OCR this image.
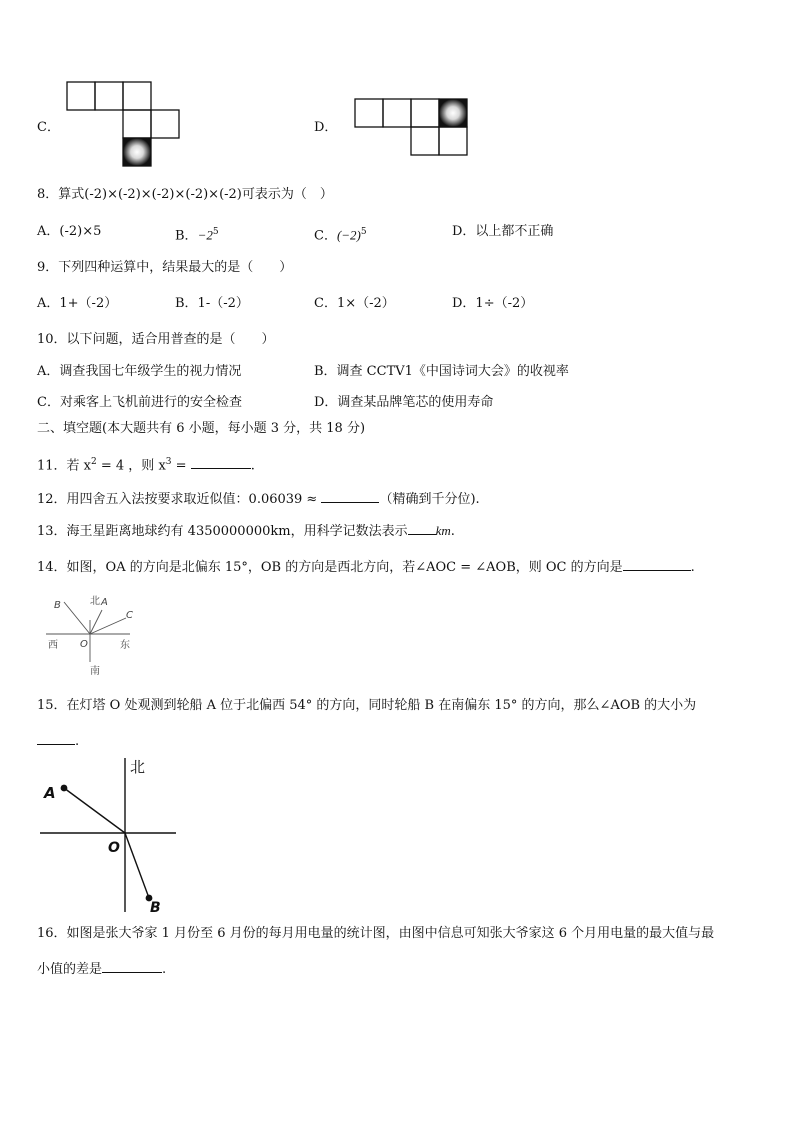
C．	D．
8．算式(-2)×(-2)×(-2)×(-2)×(-2)可表示为（　）
A．(-2)×5	B．$-2^5$	C．$(-2)^5$	D．以上都不正确
9．下列四种运算中，结果最大的是（　　）
A．1+（-2）	B．1-（-2）	C．1×（-2）	D．1÷（-2）
10．以下问题，适合用普查的是（　　）
A．调查我国七年级学生的视力情况	B．调查 CCTV1《中国诗词大会》的收视率
C．对乘客上飞机前进行的安全检查	D．调查某品牌笔芯的使用寿命
二、填空题(本大题共有 6 小题，每小题 3 分，共 18 分)
11．若 $x^2 = 4$ ，则 $x^3$ =	.
12．用四舍五入法按要求取近似值：0.06039 ≈	（精确到千分位).
13．海王星距离地球约有 4350000000km，用科学记数法表示 km.
14．如图，OA 的方向是北偏东 15°，OB 的方向是西北方向，若∠AOC = ∠AOB，则 OC 的方向是	.
北 A
B
C
O
西	东
南
15．在灯塔 O 处观测到轮船 A 位于北偏西 54° 的方向，同时轮船 B 在南偏东 15° 的方向，那么∠AOB 的大小为
.
北
A
O
B
16．如图是张大爷家 1 月份至 6 月份的每月用电量的统计图，由图中信息可知张大爷家这 6 个月用电量的最大值与最
小值的差是	.
